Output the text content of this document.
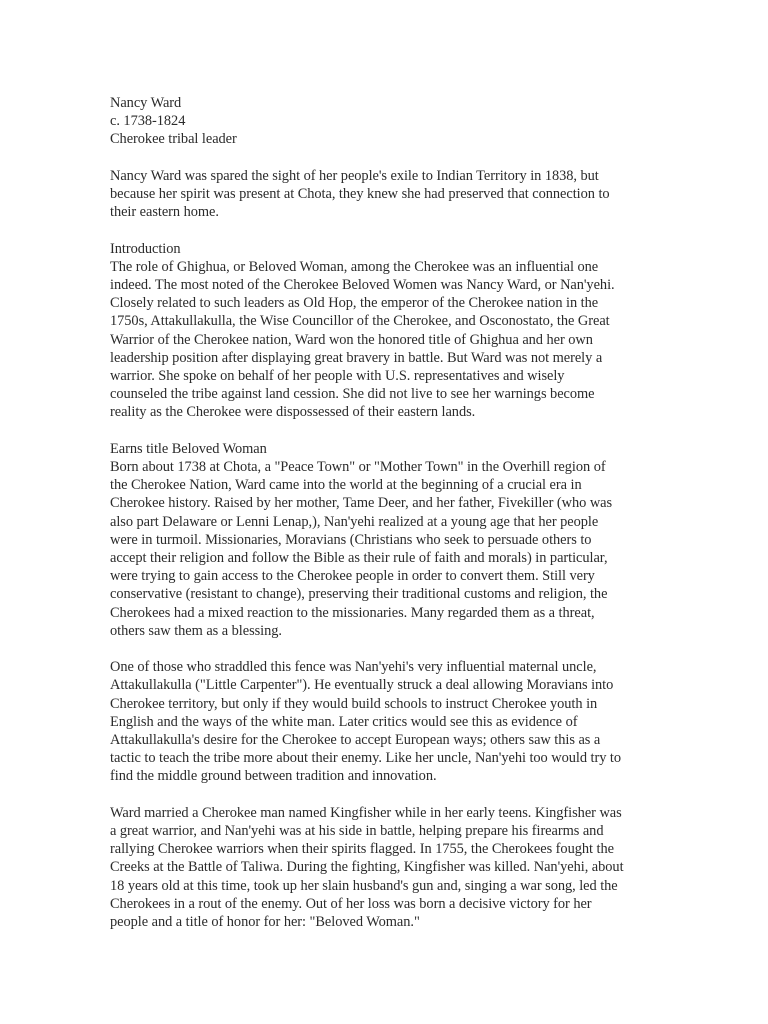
Nancy Ward
c. 1738-1824
Cherokee tribal leader
Nancy Ward was spared the sight of her people's exile to Indian Territory in 1838, but
because her spirit was present at Chota, they knew she had preserved that connection to
their eastern home.
Introduction
The role of Ghighua, or Beloved Woman, among the Cherokee was an influential one
indeed. The most noted of the Cherokee Beloved Women was Nancy Ward, or Nan'yehi.
Closely related to such leaders as Old Hop, the emperor of the Cherokee nation in the
1750s, Attakullakulla, the Wise Councillor of the Cherokee, and Osconostato, the Great
Warrior of the Cherokee nation, Ward won the honored title of Ghighua and her own
leadership position after displaying great bravery in battle. But Ward was not merely a
warrior. She spoke on behalf of her people with U.S. representatives and wisely
counseled the tribe against land cession. She did not live to see her warnings become
reality as the Cherokee were dispossessed of their eastern lands.
Earns title Beloved Woman
Born about 1738 at Chota, a "Peace Town" or "Mother Town" in the Overhill region of
the Cherokee Nation, Ward came into the world at the beginning of a crucial era in
Cherokee history. Raised by her mother, Tame Deer, and her father, Fivekiller (who was
also part Delaware or Lenni Lenap,), Nan'yehi realized at a young age that her people
were in turmoil. Missionaries, Moravians (Christians who seek to persuade others to
accept their religion and follow the Bible as their rule of faith and morals) in particular,
were trying to gain access to the Cherokee people in order to convert them. Still very
conservative (resistant to change), preserving their traditional customs and religion, the
Cherokees had a mixed reaction to the missionaries. Many regarded them as a threat,
others saw them as a blessing.
One of those who straddled this fence was Nan'yehi's very influential maternal uncle,
Attakullakulla ("Little Carpenter"). He eventually struck a deal allowing Moravians into
Cherokee territory, but only if they would build schools to instruct Cherokee youth in
English and the ways of the white man. Later critics would see this as evidence of
Attakullakulla's desire for the Cherokee to accept European ways; others saw this as a
tactic to teach the tribe more about their enemy. Like her uncle, Nan'yehi too would try to
find the middle ground between tradition and innovation.
Ward married a Cherokee man named Kingfisher while in her early teens. Kingfisher was
a great warrior, and Nan'yehi was at his side in battle, helping prepare his firearms and
rallying Cherokee warriors when their spirits flagged. In 1755, the Cherokees fought the
Creeks at the Battle of Taliwa. During the fighting, Kingfisher was killed. Nan'yehi, about
18 years old at this time, took up her slain husband's gun and, singing a war song, led the
Cherokees in a rout of the enemy. Out of her loss was born a decisive victory for her
people and a title of honor for her: "Beloved Woman."
